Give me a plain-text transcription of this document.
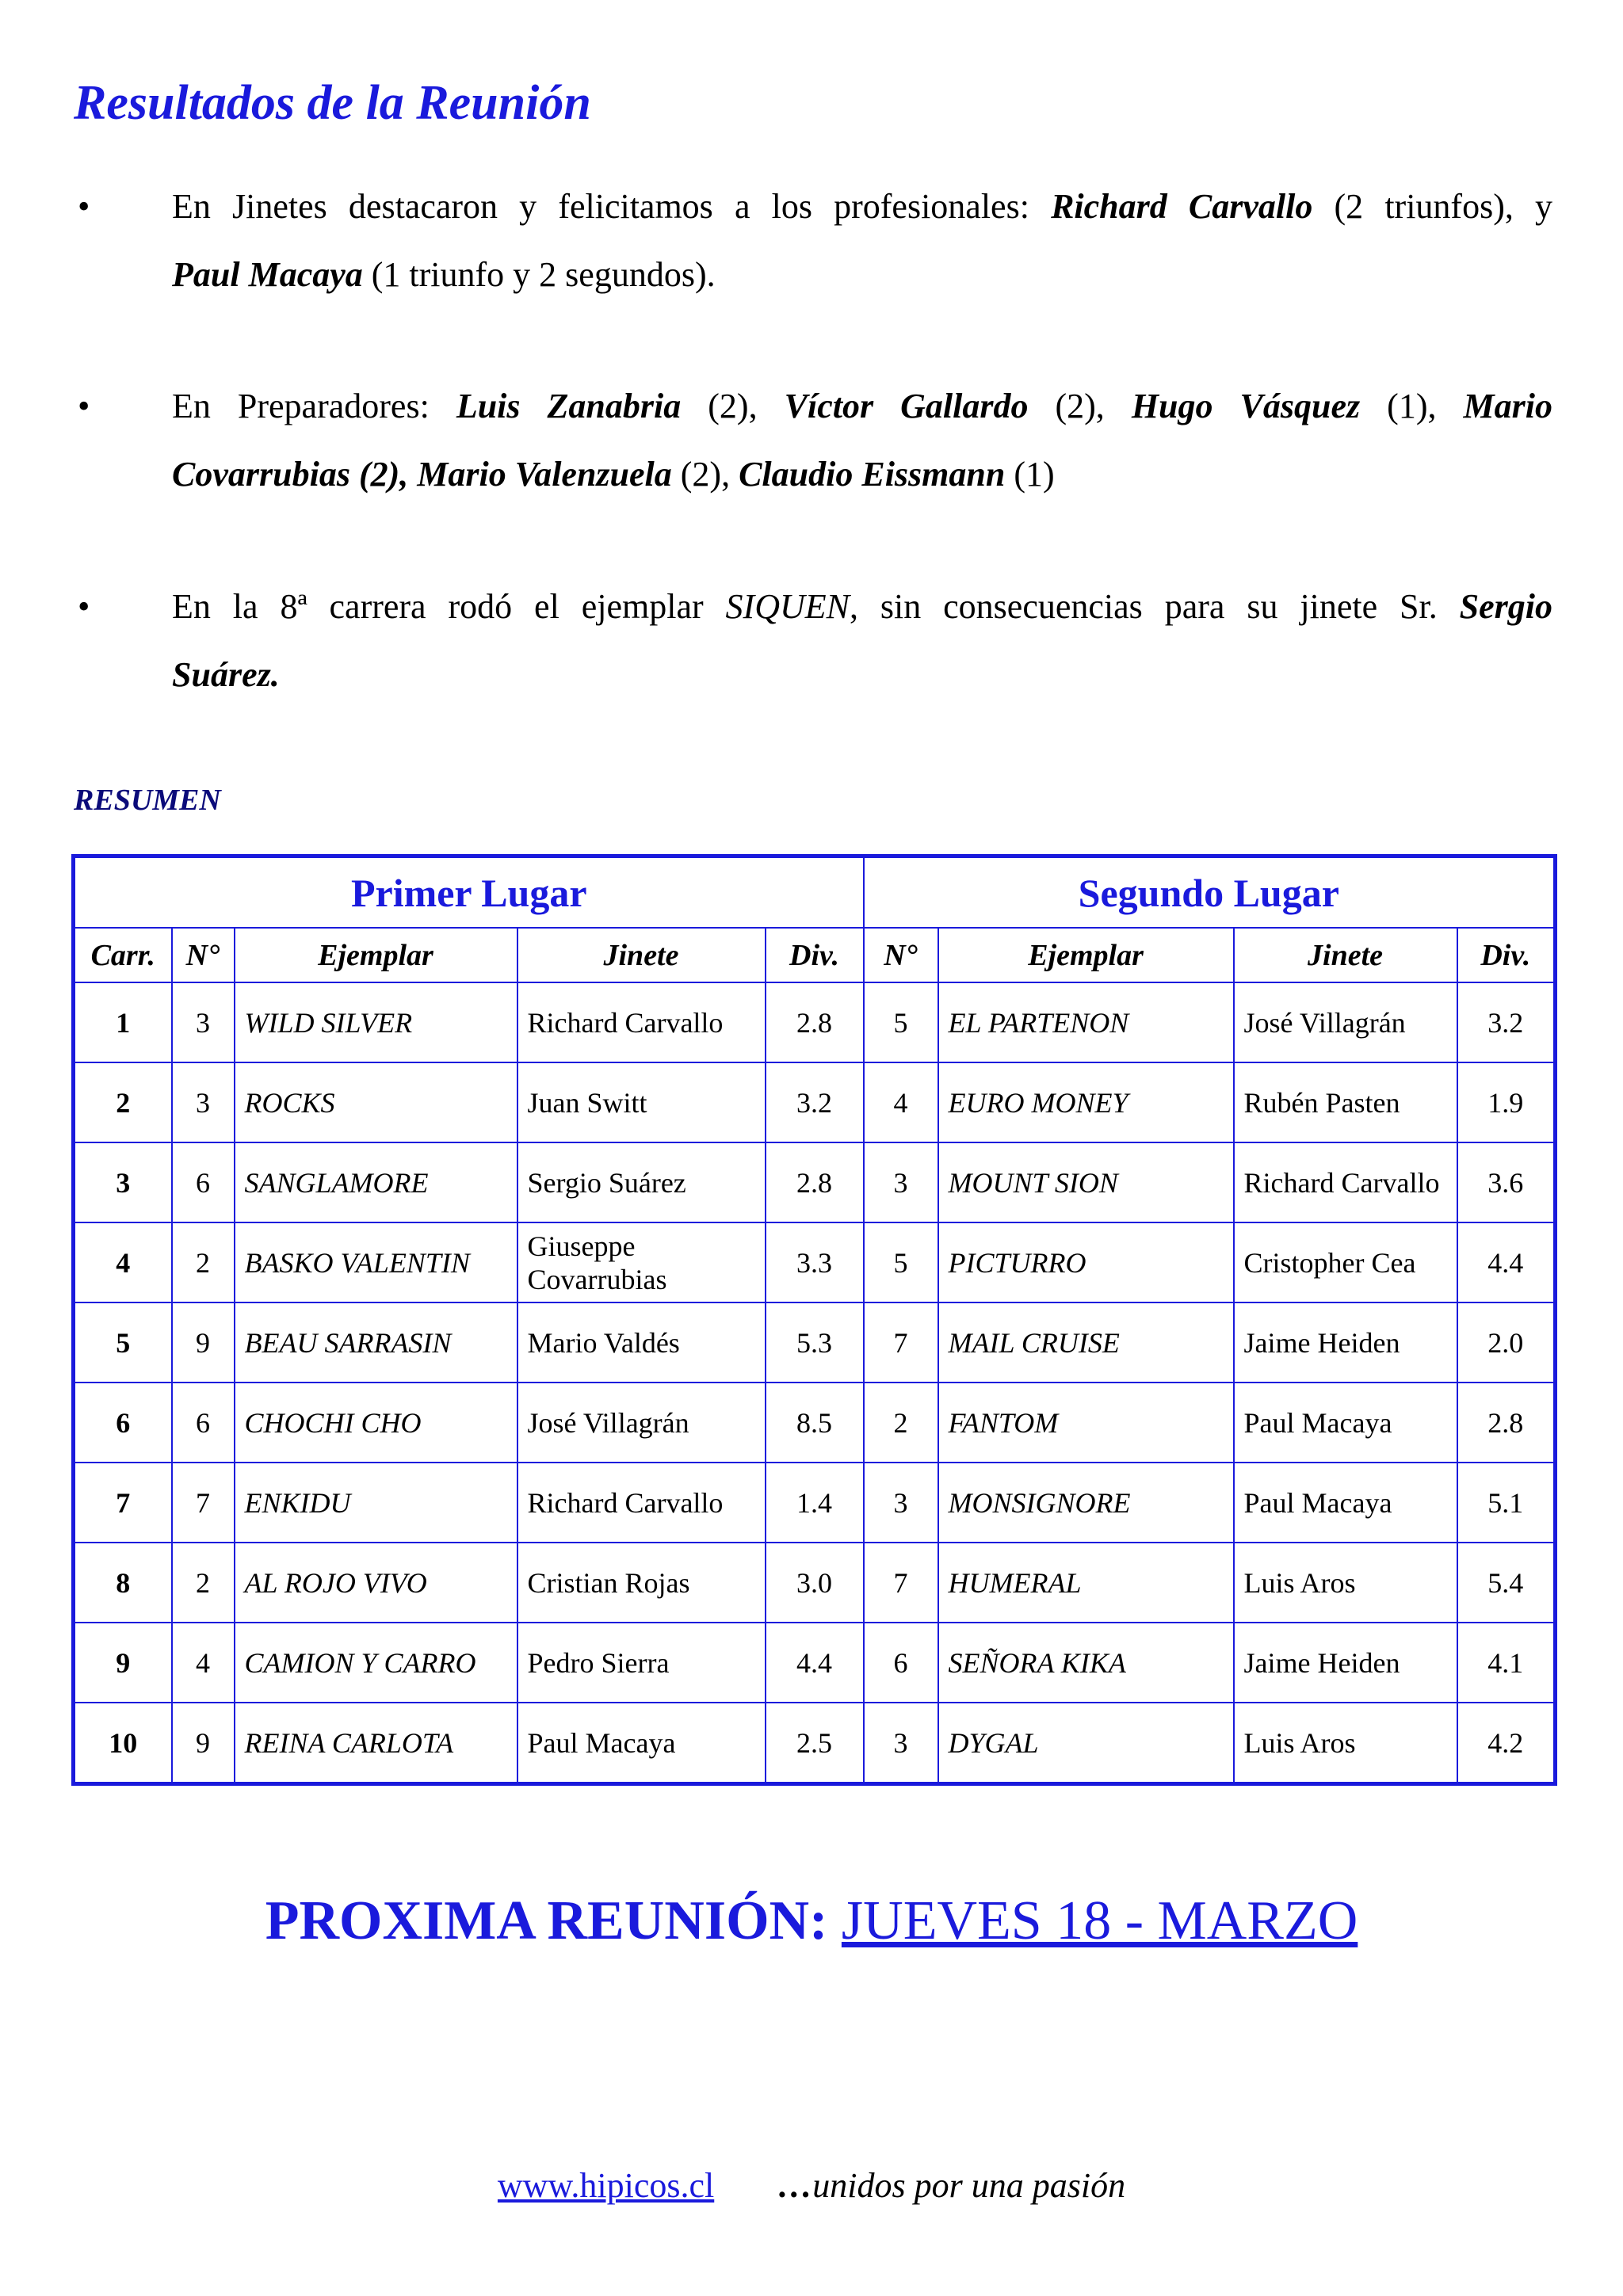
Resultados de la Reunión
• En Jinetes destacaron y felicitamos a los profesionales: Richard Carvallo (2 triunfos), y
Paul Macaya (1 triunfo y 2 segundos).
• En Preparadores: Luis Zanabria (2), Víctor Gallardo (2), Hugo Vásquez (1), Mario
Covarrubias (2), Mario Valenzuela (2), Claudio Eissmann (1)
• En la 8ª carrera rodó el ejemplar SIQUEN, sin consecuencias para su jinete Sr. Sergio
Suárez.
RESUMEN
Primer Lugar					Segundo Lugar			
Carr.	N°	Ejemplar	Jinete	Div.	N°	Ejemplar	Jinete	Div.
1	3	WILD SILVER	Richard Carvallo	2.8	5	EL PARTENON	José Villagrán	3.2
2	3	ROCKS	Juan Switt	3.2	4	EURO MONEY	Rubén Pasten	1.9
3	6	SANGLAMORE	Sergio Suárez	2.8	3	MOUNT SION	Richard Carvallo	3.6
4	2	BASKO VALENTIN	Giuseppe Covarrubias	3.3	5	PICTURRO	Cristopher Cea	4.4
5	9	BEAU SARRASIN	Mario Valdés	5.3	7	MAIL CRUISE	Jaime Heiden	2.0
6	6	CHOCHI CHO	José Villagrán	8.5	2	FANTOM	Paul Macaya	2.8
7	7	ENKIDU	Richard Carvallo	1.4	3	MONSIGNORE	Paul Macaya	5.1
8	2	AL ROJO VIVO	Cristian Rojas	3.0	7	HUMERAL	Luis Aros	5.4
9	4	CAMION Y CARRO	Pedro Sierra	4.4	6	SEÑORA KIKA	Jaime Heiden	4.1
10	9	REINA CARLOTA	Paul Macaya	2.5	3	DYGAL	Luis Aros	4.2
PROXIMA REUNIÓN: JUEVES 18 - MARZO
www.hipicos.cl …unidos por una pasión
